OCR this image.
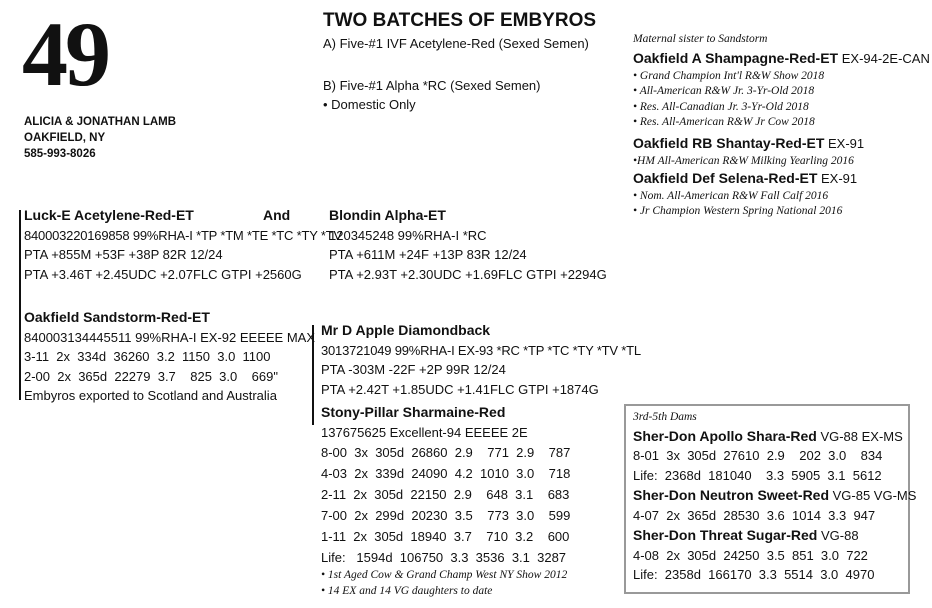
49
ALICIA & JONATHAN LAMB
OAKFIELD, NY
585-993-8026
TWO BATCHES OF EMBYROS
A) Five-#1 IVF Acetylene-Red (Sexed Semen)
B) Five-#1 Alpha *RC (Sexed Semen)
• Domestic Only
Maternal sister to Sandstorm
Oakfield A Shampagne-Red-ET EX-94-2E-CAN
• Grand Champion Int'l R&W Show 2018
• All-American R&W Jr. 3-Yr-Old 2018
• Res. All-Canadian Jr. 3-Yr-Old 2018
• Res. All-American R&W Jr Cow 2018
Oakfield RB Shantay-Red-ET EX-91
•HM All-American R&W Milking Yearling 2016
Oakfield Def Selena-Red-ET EX-91
• Nom. All-American R&W Fall Calf 2016
• Jr Champion Western Spring National 2016
Luck-E Acetylene-Red-ET
840003220169858 99%RHA-I *TP *TM *TE *TC *TY *TV
PTA +855M +53F +38P 82R 12/24
PTA +3.46T +2.45UDC +2.07FLC GTPI +2560G
And	Blondin Alpha-ET
120345248 99%RHA-I *RC
PTA +611M +24F +13P 83R 12/24
PTA +2.93T +2.30UDC +1.69FLC GTPI +2294G
Oakfield Sandstorm-Red-ET
840003134445511 99%RHA-I EX-92 EEEEE MAX
3-11  2x  334d  36260  3.2  1150  3.0  1100
2-00  2x  365d  22279  3.7    825  3.0    669"
Embyros exported to Scotland and Australia
Mr D Apple Diamondback
3013721049 99%RHA-I EX-93 *RC *TP *TC *TY *TV *TL
PTA -303M -22F +2P 99R 12/24
PTA +2.42T +1.85UDC +1.41FLC GTPI +1874G
Stony-Pillar Sharmaine-Red
137675625 Excellent-94 EEEEE 2E
8-00  3x  305d  26860  2.9    771  2.9    787
4-03  2x  339d  24090  4.2  1010  3.0    718
2-11  2x  305d  22150  2.9    648  3.1    683
7-00  2x  299d  20230  3.5    773  3.0    599
1-11  2x  305d  18940  3.7    710  3.2    600
Life:   1594d  106750  3.3  3536  3.1  3287
• 1st Aged Cow & Grand Champ West NY Show 2012
• 14 EX and 14 VG daughters to date
3rd-5th Dams
Sher-Don Apollo Shara-Red VG-88 EX-MS
8-01  3x  305d  27610  2.9    202  3.0    834
Life:  2368d  181040    3.3  5905  3.1  5612
Sher-Don Neutron Sweet-Red VG-85 VG-MS
4-07  2x  365d  28530  3.6  1014  3.3  947
Sher-Don Threat Sugar-Red VG-88
4-08  2x  305d  24250  3.5  851  3.0  722
Life:  2358d  166170  3.3  5514  3.0  4970
